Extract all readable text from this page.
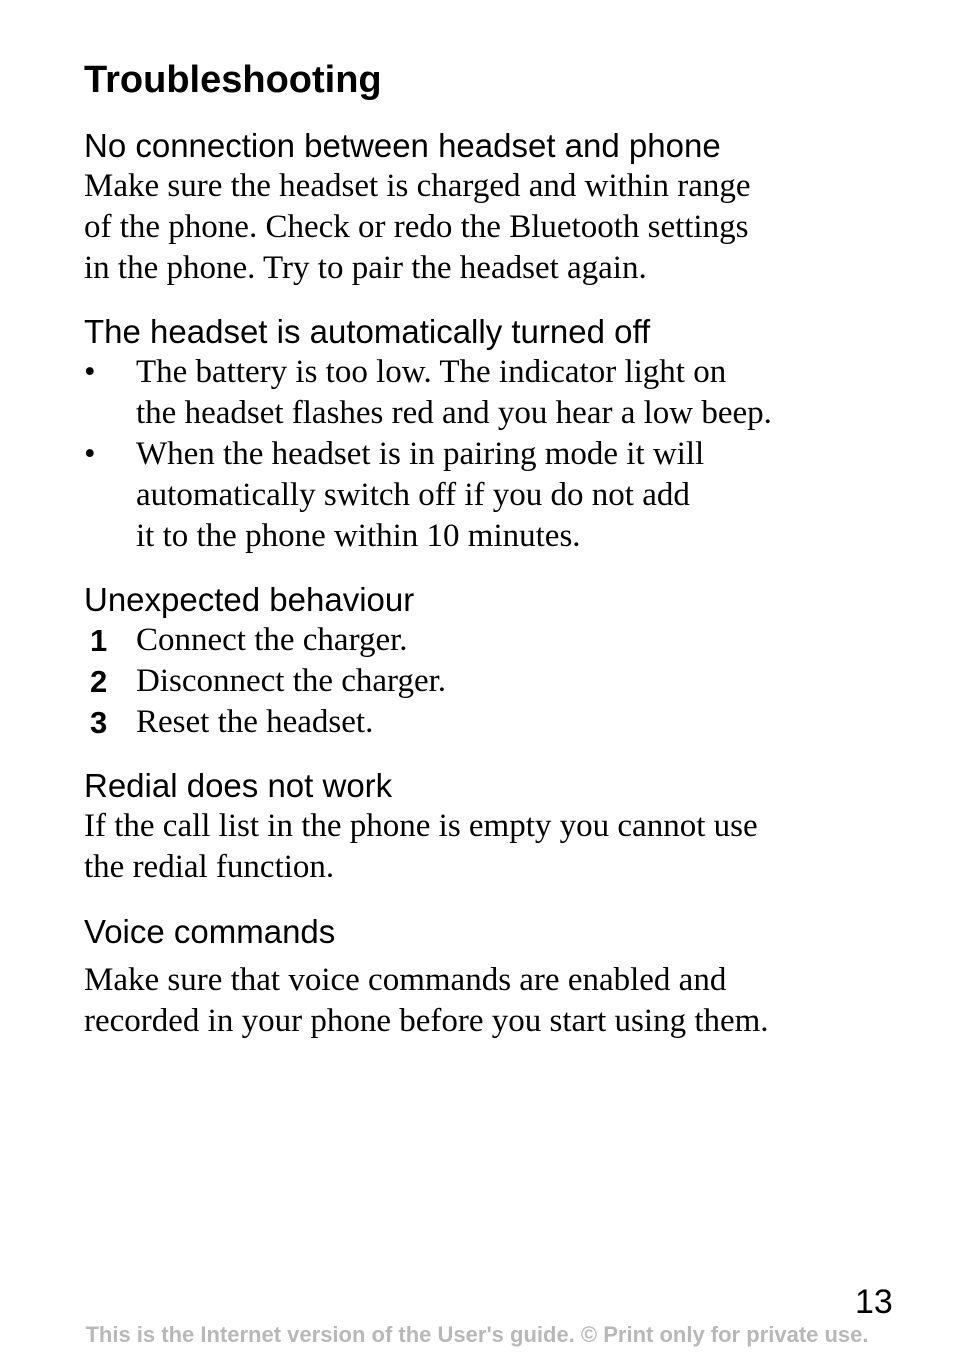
Troubleshooting
No connection between headset and phone

Make sure the headset is charged and within range
of the phone. Check or redo the Bluetooth settings
in the phone. Try to pair the headset again.

The headset is automatically turned off
• The battery is too low. The indicator light on
the headset flashes red and you hear a low beep.
• When the headset is in pairing mode it will
automatically switch off if you do not add
it to the phone within 10 minutes.
Unexpected behaviour
1 Connect the charger.
2 Disconnect the charger.
3 Reset the headset.
Redial does not work

If the call list in the phone is empty you cannot use
the redial function.

Voice commands

Make sure that voice commands are enabled and
recorded in your phone before you start using them.

13
This is the Internet version of the User's guide. © Print only for private use.
